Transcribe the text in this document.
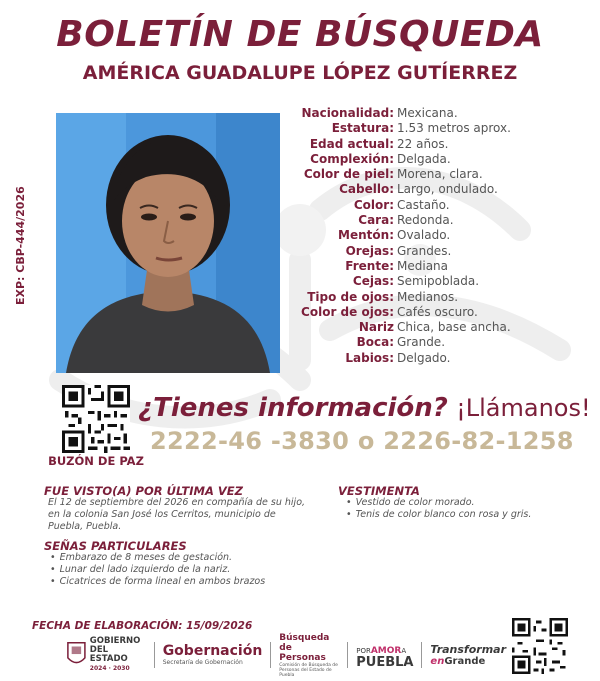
BOLETÍN DE BÚSQUEDA
AMÉRICA GUADALUPE LÓPEZ GUTÍERREZ
EXP: CBP-444/2026
Nacionalidad: Mexicana.
Estatura: 1.53 metros aprox.
Edad actual: 22 años.
Complexión: Delgada.
Color de piel: Morena, clara.
Cabello: Largo, ondulado.
Color: Castaño.
Cara: Redonda.
Mentón: Ovalado.
Orejas: Grandes.
Frente: Mediana
Cejas: Semipoblada.
Tipo de ojos: Medianos.
Color de ojos: Cafés oscuro.
Nariz Chica, base ancha.
Boca: Grande.
Labios: Delgado.
BUZÓN DE PAZ
¿Tienes información? ¡Llámanos!
2222-46 -3830 o 2226-82-1258
FUE VISTO(A) POR ÚLTIMA VEZ
El 12 de septiembre del 2026 en compañía de su hijo, en la colonia San José los Cerritos, municipio de Puebla, Puebla.
VESTIMENTA
• Vestido de color morado.
• Tenis de color blanco con rosa y gris.
SEÑAS PARTICULARES
• Embarazo de 8 meses de gestación.
• Lunar del lado izquierdo de la nariz.
• Cicatrices de forma lineal en ambos brazos
FECHA DE ELABORACIÓN: 15/09/2026
GOBIERNO
DEL ESTADO
2024 · 2030
Gobernación
Secretaría de Gobernación
Búsqueda
de Personas
Comisión de Búsqueda de Personas del Estado de Puebla
PORAMORA
PUEBLA
Transformar
enGrande
